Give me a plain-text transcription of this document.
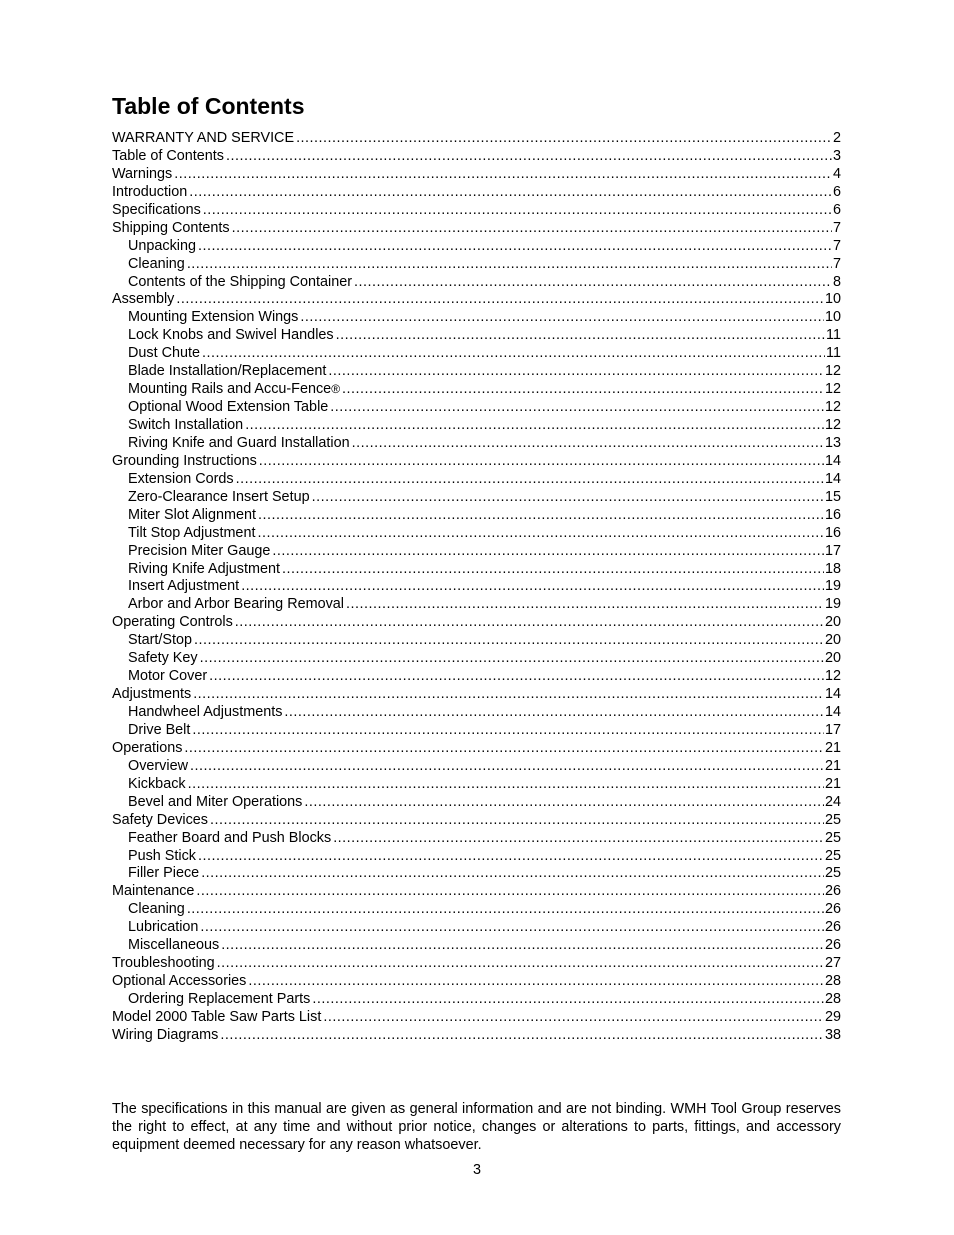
Table of Contents
WARRANTY AND SERVICE .....	2
Table of Contents .....	3
Warnings .....	4
Introduction .....	6
Specifications .....	6
Shipping Contents .....	7
Unpacking .....	7
Cleaning .....	7
Contents of the Shipping Container .....	8
Assembly .....	10
Mounting Extension Wings .....	10
Lock Knobs and Swivel Handles .....	11
Dust Chute .....	11
Blade Installation/Replacement .....	12
Mounting Rails and Accu-Fence ® .....	12
Optional Wood Extension Table .....	12
Switch Installation .....	12
Riving Knife and Guard Installation .....	13
Grounding Instructions .....	14
Extension Cords .....	14
Zero-Clearance Insert Setup .....	15
Miter Slot Alignment .....	16
Tilt Stop Adjustment .....	16
Precision Miter Gauge .....	17
Riving Knife Adjustment .....	18
Insert Adjustment .....	19
Arbor and Arbor Bearing Removal .....	19
Operating Controls .....	20
Start/Stop .....	20
Safety Key .....	20
Motor Cover .....	12
Adjustments .....	14
Handwheel Adjustments .....	14
Drive Belt .....	17
Operations .....	21
Overview .....	21
Kickback .....	21
Bevel and Miter Operations .....	24
Safety Devices .....	25
Feather Board and Push Blocks .....	25
Push Stick .....	25
Filler Piece .....	25
Maintenance .....	26
Cleaning .....	26
Lubrication .....	26
Miscellaneous .....	26
Troubleshooting .....	27
Optional Accessories .....	28
Ordering Replacement Parts .....	28
Model 2000 Table Saw Parts List .....	29
Wiring Diagrams .....	38

The specifications in this manual are given as general information and are not binding. WMH Tool Group reserves the right to effect, at any time and without prior notice, changes or alterations to parts, fittings, and accessory equipment deemed necessary for any reason whatsoever.

3
